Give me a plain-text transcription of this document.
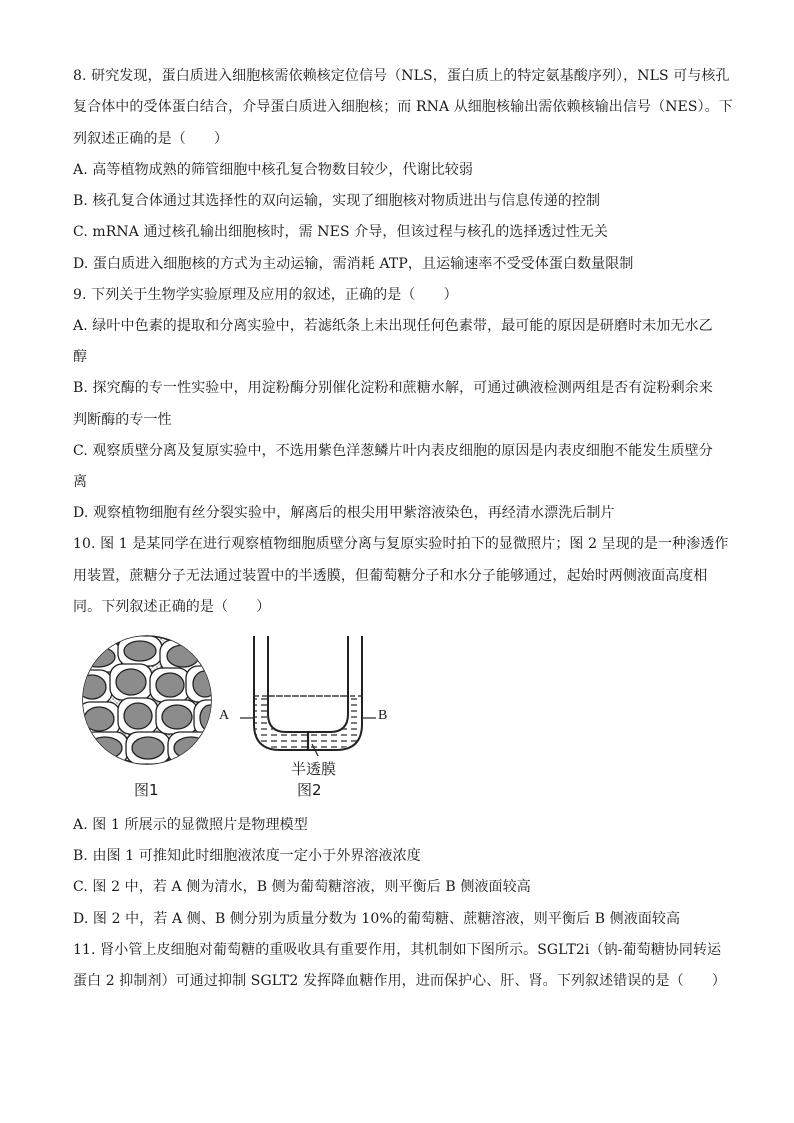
8. 研究发现，蛋白质进入细胞核需依赖核定位信号（NLS，蛋白质上的特定氨基酸序列），NLS 可与核孔
复合体中的受体蛋白结合，介导蛋白质进入细胞核；而 RNA 从细胞核输出需依赖核输出信号（NES）。下
列叙述正确的是（　　）
A. 高等植物成熟的筛管细胞中核孔复合物数目较少，代谢比较弱
B. 核孔复合体通过其选择性的双向运输，实现了细胞核对物质进出与信息传递的控制
C. mRNA 通过核孔输出细胞核时，需 NES 介导，但该过程与核孔的选择透过性无关
D. 蛋白质进入细胞核的方式为主动运输，需消耗 ATP，且运输速率不受受体蛋白数量限制
9. 下列关于生物学实验原理及应用的叙述，正确的是（　　）
A. 绿叶中色素的提取和分离实验中，若滤纸条上未出现任何色素带，最可能的原因是研磨时未加无水乙
醇
B. 探究酶的专一性实验中，用淀粉酶分别催化淀粉和蔗糖水解，可通过碘液检测两组是否有淀粉剩余来
判断酶的专一性
C. 观察质壁分离及复原实验中，不选用紫色洋葱鳞片叶内表皮细胞的原因是内表皮细胞不能发生质壁分
离
D. 观察植物细胞有丝分裂实验中，解离后的根尖用甲紫溶液染色，再经清水漂洗后制片
10. 图 1 是某同学在进行观察植物细胞质壁分离与复原实验时拍下的显微照片；图 2 呈现的是一种渗透作
用装置，蔗糖分子无法通过装置中的半透膜，但葡萄糖分子和水分子能够通过，起始时两侧液面高度相
同。下列叙述正确的是（　　）
A	B
半透膜
图1	图2
A. 图 1 所展示的显微照片是物理模型
B. 由图 1 可推知此时细胞液浓度一定小于外界溶液浓度
C. 图 2 中，若 A 侧为清水，B 侧为葡萄糖溶液，则平衡后 B 侧液面较高
D. 图 2 中，若 A 侧、B 侧分别为质量分数为 10%的葡萄糖、蔗糖溶液，则平衡后 B 侧液面较高
11. 肾小管上皮细胞对葡萄糖的重吸收具有重要作用，其机制如下图所示。SGLT2i（钠-葡萄糖协同转运
蛋白 2 抑制剂）可通过抑制 SGLT2 发挥降血糖作用，进而保护心、肝、肾。下列叙述错误的是（　　）
